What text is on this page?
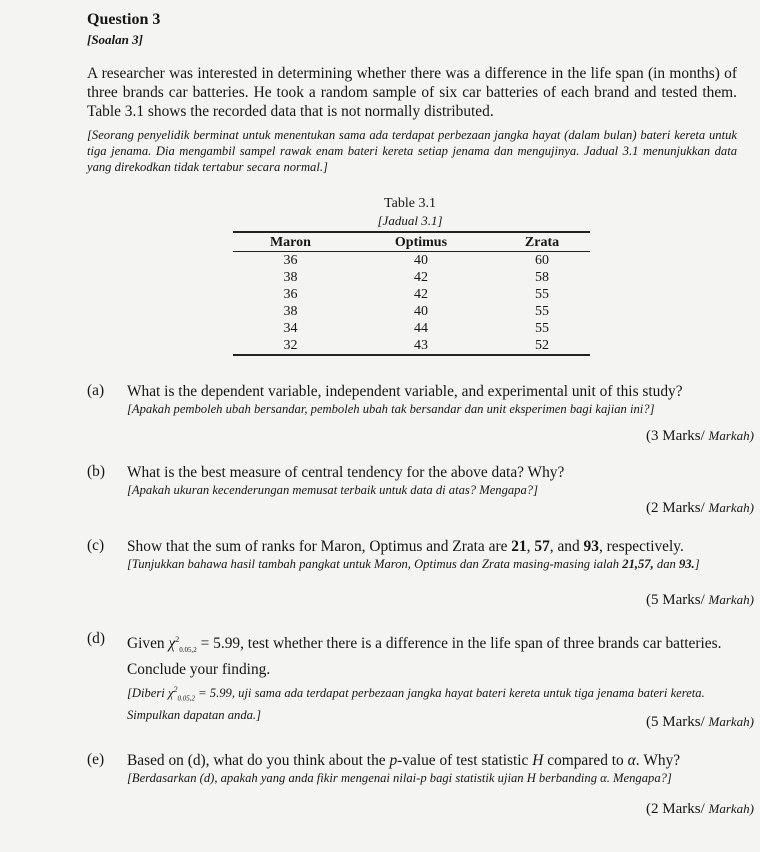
Question 3
[Soalan 3]
A researcher was interested in determining whether there was a difference in the life span (in months) of three brands car batteries. He took a random sample of six car batteries of each brand and tested them. Table 3.1 shows the recorded data that is not normally distributed.
[Seorang penyelidik berminat untuk menentukan sama ada terdapat perbezaan jangka hayat (dalam bulan) bateri kereta untuk tiga jenama. Dia mengambil sampel rawak enam bateri kereta setiap jenama dan mengujinya. Jadual 3.1 menunjukkan data yang direkodkan tidak tertabur secara normal.]
Table 3.1
[Jadual 3.1]
Maron	Optimus	Zrata
36	40	60
38	42	58
36	42	55
38	40	55
34	44	55
32	43	52
(a) What is the dependent variable, independent variable, and experimental unit of this study?
[Apakah pemboleh ubah bersandar, pemboleh ubah tak bersandar dan unit eksperimen bagi kajian ini?]
(3 Marks/ Markah)
(b) What is the best measure of central tendency for the above data? Why?
[Apakah ukuran kecenderungan memusat terbaik untuk data di atas? Mengapa?]
(2 Marks/ Markah)
(c) Show that the sum of ranks for Maron, Optimus and Zrata are 21, 57, and 93, respectively.
[Tunjukkan bahawa hasil tambah pangkat untuk Maron, Optimus dan Zrata masing-masing ialah 21,57, dan 93.]
(5 Marks/ Markah)
(d) Given $\chi^2_{0.05,2} = 5.99$, test whether there is a difference in the life span of three brands car batteries. Conclude your finding.
[Diberi $\chi^2_{0.05,2} = 5.99$, uji sama ada terdapat perbezaan jangka hayat bateri kereta untuk tiga jenama bateri kereta. Simpulkan dapatan anda.]	(5 Marks/ Markah)
(e) Based on (d), what do you think about the p-value of test statistic H compared to α. Why?
[Berdasarkan (d), apakah yang anda fikir mengenai nilai-p bagi statistik ujian H berbanding α. Mengapa?]
(2 Marks/ Markah)
